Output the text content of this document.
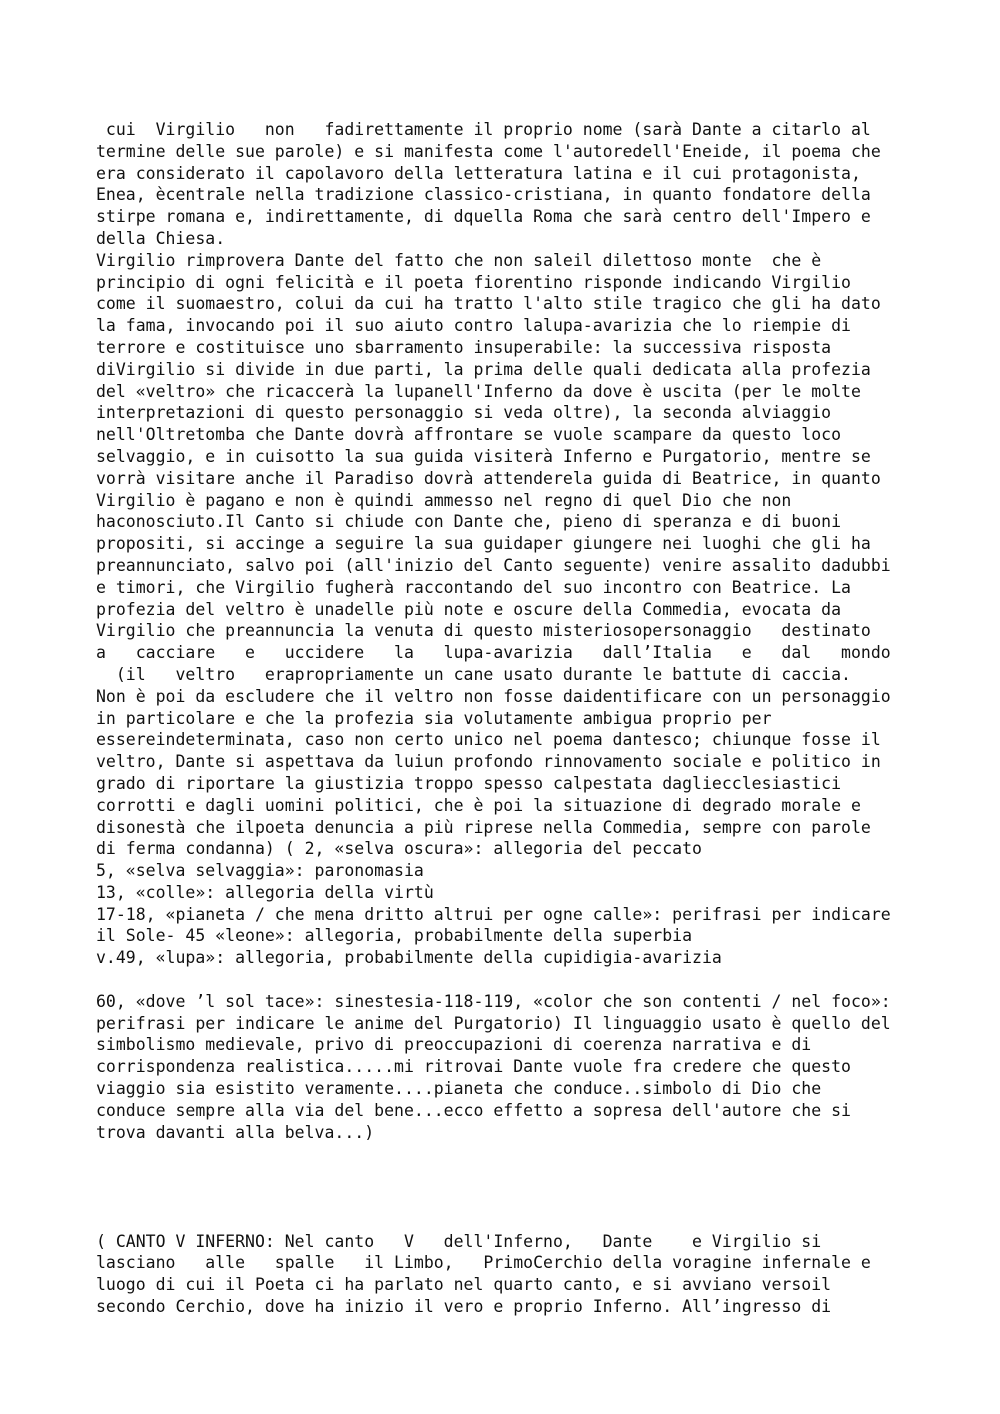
cui  Virgilio   non   fadirettamente il proprio nome (sarà Dante a citarlo al
termine delle sue parole) e si manifesta come l'autoredell'Eneide, il poema che
era considerato il capolavoro della letteratura latina e il cui protagonista,
Enea, ècentrale nella tradizione classico-cristiana, in quanto fondatore della
stirpe romana e, indirettamente, di dquella Roma che sarà centro dell'Impero e
della Chiesa.
Virgilio rimprovera Dante del fatto che non saleil dilettoso monte  che è
principio di ogni felicità e il poeta fiorentino risponde indicando Virgilio
come il suomaestro, colui da cui ha tratto l'alto stile tragico che gli ha dato
la fama, invocando poi il suo aiuto contro lalupa-avarizia che lo riempie di
terrore e costituisce uno sbarramento insuperabile: la successiva risposta
diVirgilio si divide in due parti, la prima delle quali dedicata alla profezia
del «veltro» che ricaccerà la lupanell'Inferno da dove è uscita (per le molte
interpretazioni di questo personaggio si veda oltre), la seconda alviaggio
nell'Oltretomba che Dante dovrà affrontare se vuole scampare da questo loco
selvaggio, e in cuisotto la sua guida visiterà Inferno e Purgatorio, mentre se
vorrà visitare anche il Paradiso dovrà attenderela guida di Beatrice, in quanto
Virgilio è pagano e non è quindi ammesso nel regno di quel Dio che non
haconosciuto.Il Canto si chiude con Dante che, pieno di speranza e di buoni
propositi, si accinge a seguire la sua guidaper giungere nei luoghi che gli ha
preannunciato, salvo poi (all'inizio del Canto seguente) venire assalito dadubbi
e timori, che Virgilio fugherà raccontando del suo incontro con Beatrice. La
profezia del veltro è unadelle più note e oscure della Commedia, evocata da
Virgilio che preannuncia la venuta di questo misteriosopersonaggio   destinato
a   cacciare   e   uccidere   la   lupa-avarizia   dall’Italia   e   dal   mondo
(il   veltro   erapropriamente un cane usato durante le battute di caccia.
Non è poi da escludere che il veltro non fosse daidentificare con un personaggio
in particolare e che la profezia sia volutamente ambigua proprio per
essereindeterminata, caso non certo unico nel poema dantesco; chiunque fosse il
veltro, Dante si aspettava da luiun profondo rinnovamento sociale e politico in
grado di riportare la giustizia troppo spesso calpestata dagliecclesiastici
corrotti e dagli uomini politici, che è poi la situazione di degrado morale e
disonestà che ilpoeta denuncia a più riprese nella Commedia, sempre con parole
di ferma condanna) ( 2, «selva oscura»: allegoria del peccato
5, «selva selvaggia»: paronomasia
13, «colle»: allegoria della virtù
17-18, «pianeta / che mena dritto altrui per ogne calle»: perifrasi per indicare
il Sole- 45 «leone»: allegoria, probabilmente della superbia
v.49, «lupa»: allegoria, probabilmente della cupidigia-avarizia
60, «dove ’l sol tace»: sinestesia-118-119, «color che son contenti / nel foco»:
perifrasi per indicare le anime del Purgatorio) Il linguaggio usato è quello del
simbolismo medievale, privo di preoccupazioni di coerenza narrativa e di
corrispondenza realistica.....mi ritrovai Dante vuole fra credere che questo
viaggio sia esistito veramente....pianeta che conduce..simbolo di Dio che
conduce sempre alla via del bene...ecco effetto a sopresa dell'autore che si
trova davanti alla belva...)
( CANTO V INFERNO: Nel canto   V   dell'Inferno,   Dante    e Virgilio si
lasciano   alle   spalle   il Limbo,   PrimoCerchio della voragine infernale e
luogo di cui il Poeta ci ha parlato nel quarto canto, e si avviano versoil
secondo Cerchio, dove ha inizio il vero e proprio Inferno. All’ingresso di
